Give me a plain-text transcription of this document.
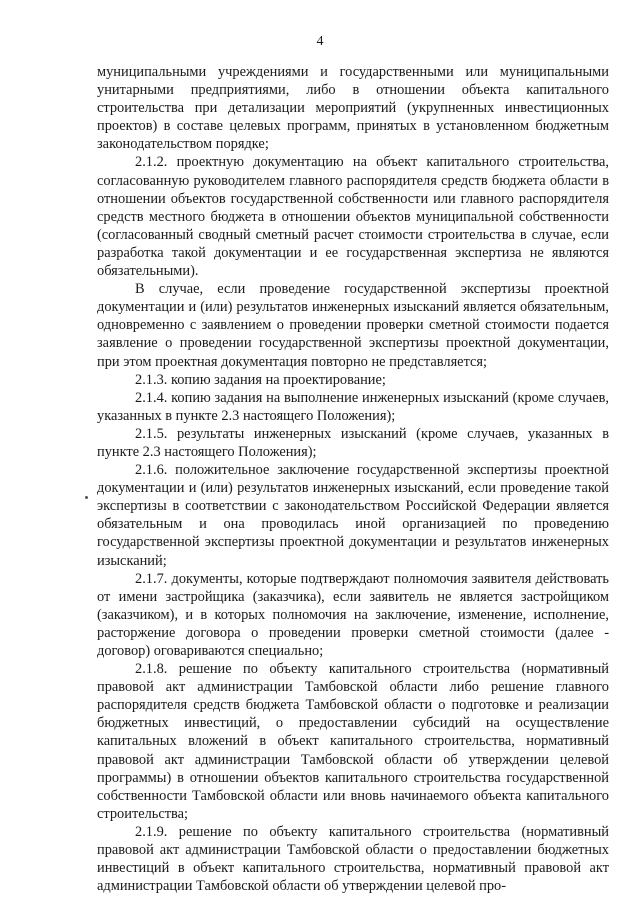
4

муниципальными учреждениями и государственными или муниципальными унитарными предприятиями, либо в отношении объекта капитального строительства при детализации мероприятий (укрупненных инвестиционных проектов) в составе целевых программ, принятых в установленном бюджетным законодательством порядке;

2.1.2. проектную документацию на объект капитального строительства, согласованную руководителем главного распорядителя средств бюджета области в отношении объектов государственной собственности или главного распорядителя средств местного бюджета в отношении объектов муниципальной собственности (согласованный сводный сметный расчет стоимости строительства в случае, если разработка такой документации и ее государственная экспертиза не являются обязательными).

В случае, если проведение государственной экспертизы проектной документации и (или) результатов инженерных изысканий является обязательным, одновременно с заявлением о проведении проверки сметной стоимости подается заявление о проведении государственной экспертизы проектной документации, при этом проектная документация повторно не представляется;

2.1.3. копию задания на проектирование;

2.1.4. копию задания на выполнение инженерных изысканий (кроме случаев, указанных в пункте 2.3 настоящего Положения);

2.1.5. результаты инженерных изысканий (кроме случаев, указанных в пункте 2.3 настоящего Положения);

2.1.6. положительное заключение государственной экспертизы проектной документации и (или) результатов инженерных изысканий, если проведение такой экспертизы в соответствии с законодательством Российской Федерации является обязательным и она проводилась иной организацией по проведению государственной экспертизы проектной документации и результатов инженерных изысканий;

2.1.7. документы, которые подтверждают полномочия заявителя действовать от имени застройщика (заказчика), если заявитель не является застройщиком (заказчиком), и в которых полномочия на заключение, изменение, исполнение, расторжение договора о проведении проверки сметной стоимости (далее - договор) оговариваются специально;

2.1.8. решение по объекту капитального строительства (нормативный правовой акт администрации Тамбовской области либо решение главного распорядителя средств бюджета Тамбовской области о подготовке и реализации бюджетных инвестиций, о предоставлении субсидий на осуществление капитальных вложений в объект капитального строительства, нормативный правовой акт администрации Тамбовской области об утверждении целевой программы) в отношении объектов капитального строительства государственной собственности Тамбовской области или вновь начинаемого объекта капитального строительства;

2.1.9. решение по объекту капитального строительства (нормативный правовой акт администрации Тамбовской области о предоставлении бюджетных инвестиций в объект капитального строительства, нормативный правовой акт администрации Тамбовской области об утверждении целевой про-
